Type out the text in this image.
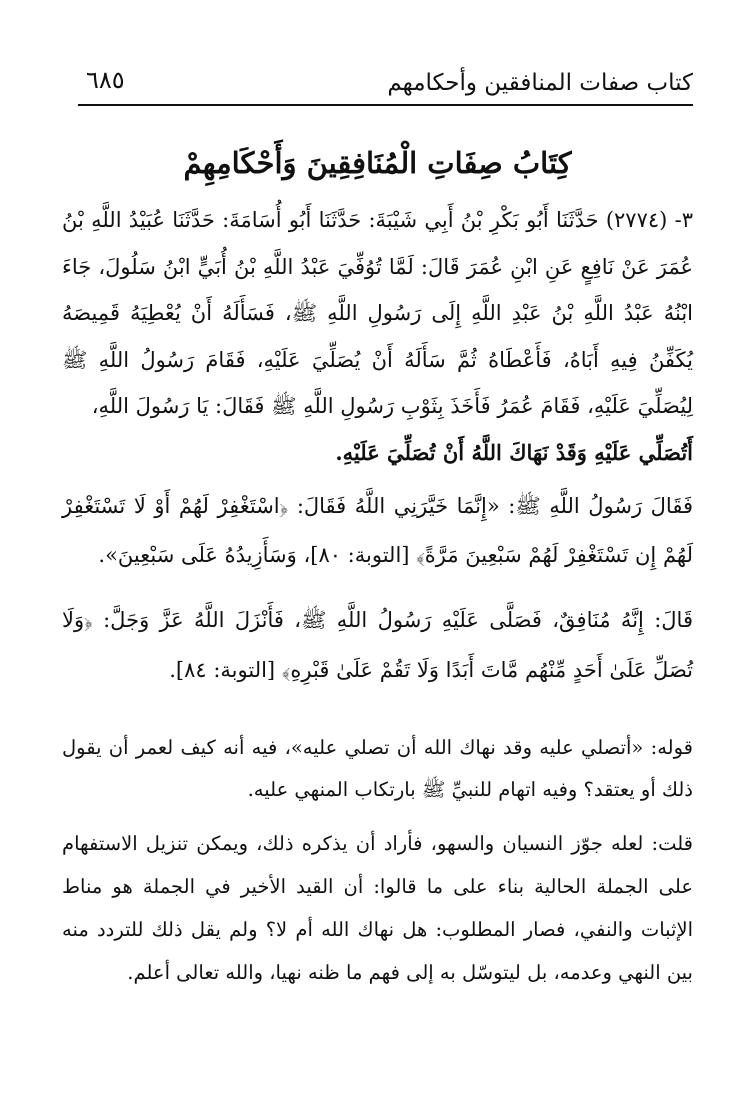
كتاب صفات المنافقين وأحكامهم
٦٨٥
كِتَابُ صِفَاتِ الْمُنَافِقِينَ وَأَحْكَامِهِمْ
٣- (٢٧٧٤) حَدَّثَنَا أَبُو بَكْرِ بْنُ أَبِي شَيْبَةَ: حَدَّثَنَا أَبُو أُسَامَةَ: حَدَّثَنَا عُبَيْدُ اللَّهِ بْنُ عُمَرَ عَنْ نَافِعٍ عَنِ ابْنِ عُمَرَ قَالَ: لَمَّا تُوُفِّيَ عَبْدُ اللَّهِ بْنُ أُبَيٍّ ابْنُ سَلُولَ، جَاءَ ابْنُهُ عَبْدُ اللَّهِ بْنُ عَبْدِ اللَّهِ إِلَى رَسُولِ اللَّهِ ﷺ، فَسَأَلَهُ أَنْ يُعْطِيَهُ قَمِيصَهُ يُكَفِّنُ فِيهِ أَبَاهُ، فَأَعْطَاهُ ثُمَّ سَأَلَهُ أَنْ يُصَلِّيَ عَلَيْهِ، فَقَامَ رَسُولُ اللَّهِ ﷺ لِيُصَلِّيَ عَلَيْهِ، فَقَامَ عُمَرُ فَأَخَذَ بِثَوْبِ رَسُولِ اللَّهِ ﷺ فَقَالَ: يَا رَسُولَ اللَّهِ،
أَتُصَلِّي عَلَيْهِ وَقَدْ نَهَاكَ اللَّهُ أَنْ تُصَلِّيَ عَلَيْهِ.
فَقَالَ رَسُولُ اللَّهِ ﷺ: «إِنَّمَا خَيَّرَنِي اللَّهُ فَقَالَ: ﴿اسْتَغْفِرْ لَهُمْ أَوْ لَا تَسْتَغْفِرْ لَهُمْ إِن تَسْتَغْفِرْ لَهُمْ سَبْعِينَ مَرَّةً﴾ [التوبة: ٨٠]، وَسَأَزِيدُهُ عَلَى سَبْعِينَ».
قَالَ: إِنَّهُ مُنَافِقٌ، فَصَلَّى عَلَيْهِ رَسُولُ اللَّهِ ﷺ، فَأَنْزَلَ اللَّهُ عَزَّ وَجَلَّ: ﴿وَلَا تُصَلِّ عَلَىٰ أَحَدٍ مِّنْهُم مَّاتَ أَبَدًا وَلَا تَقُمْ عَلَىٰ قَبْرِهِ﴾ [التوبة: ٨٤].
قوله: «أتصلي عليه وقد نهاك الله أن تصلي عليه»، فيه أنه كيف لعمر أن يقول ذلك أو يعتقد؟ وفيه اتهام للنبيِّ ﷺ بارتكاب المنهي عليه.
قلت: لعله جوّز النسيان والسهو، فأراد أن يذكره ذلك، ويمكن تنزيل الاستفهام على الجملة الحالية بناء على ما قالوا: أن القيد الأخير في الجملة هو مناط الإثبات والنفي، فصار المطلوب: هل نهاك الله أم لا؟ ولم يقل ذلك للتردد منه بين النهي وعدمه، بل ليتوسّل به إلى فهم ما ظنه نهيا، والله تعالى أعلم.
